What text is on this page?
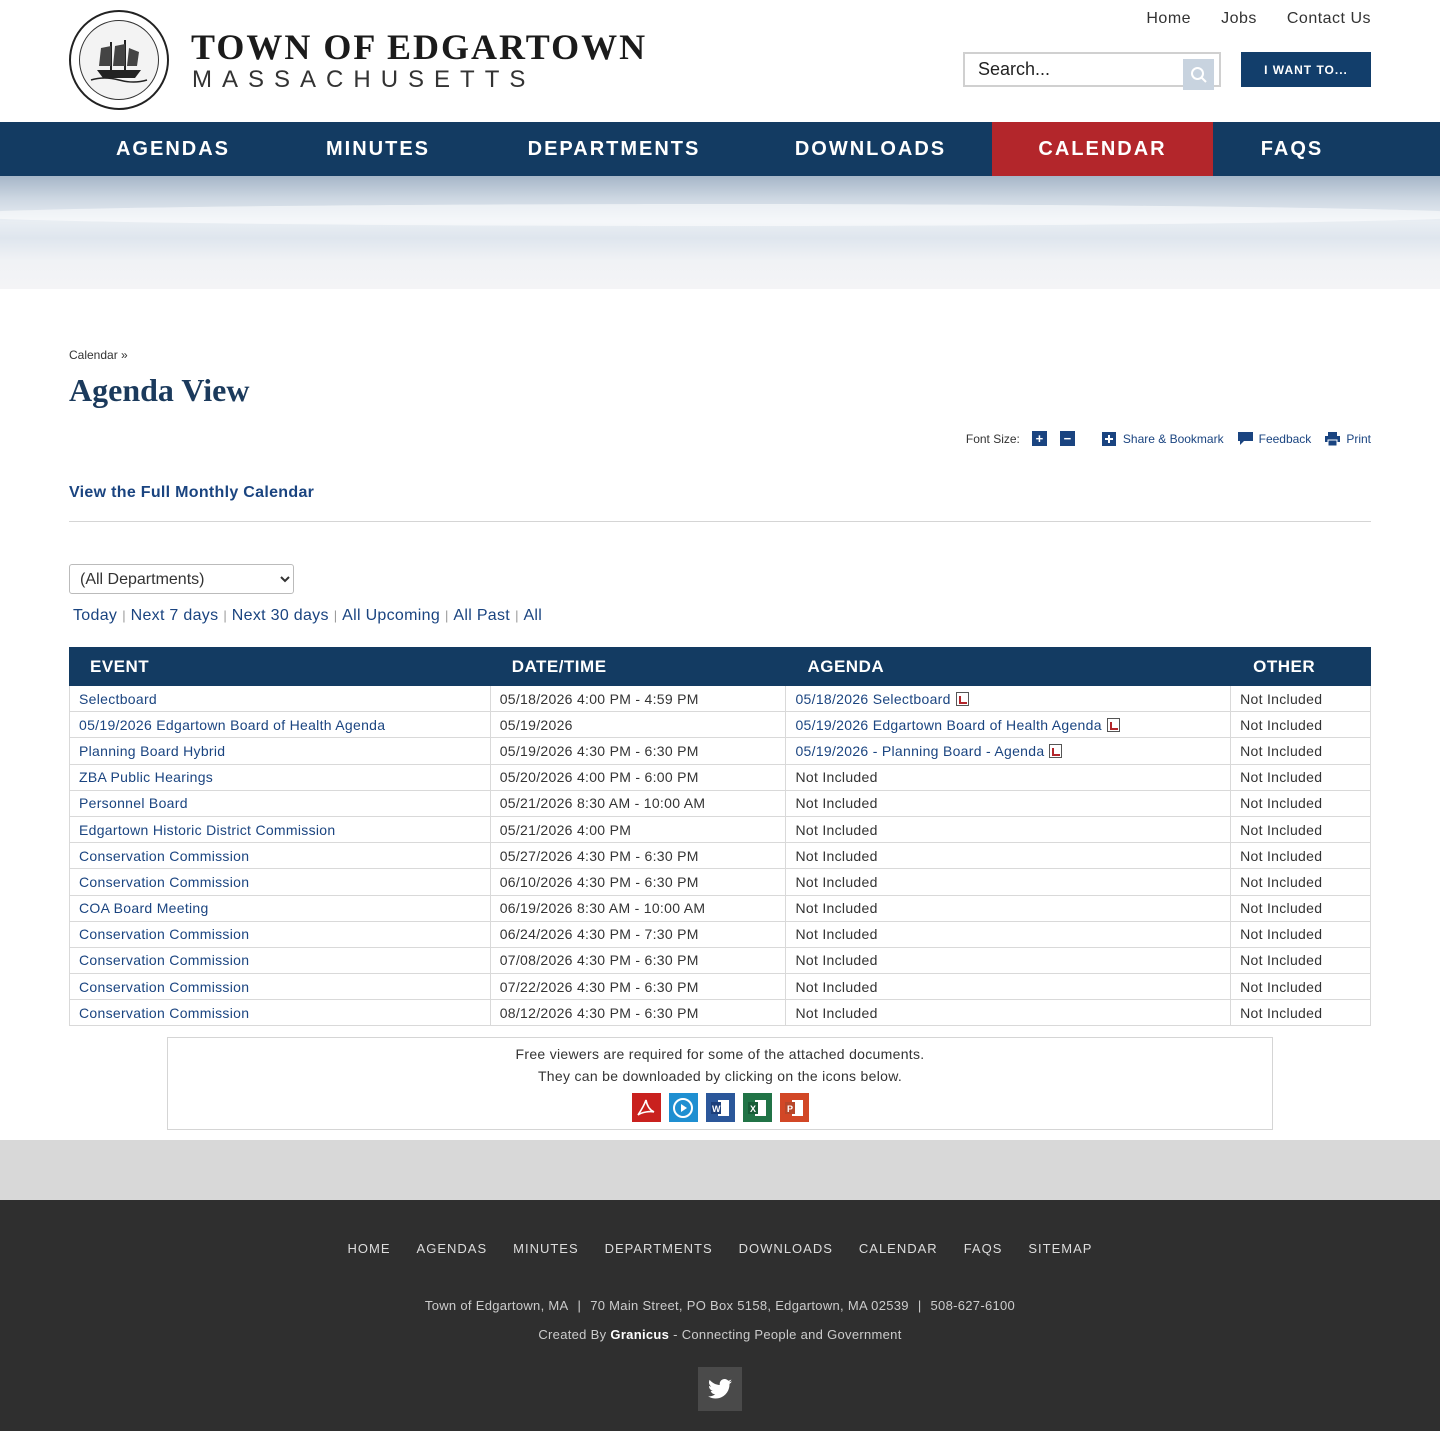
TOWN OF EDGARTOWN
MASSACHUSETTS
Home Jobs Contact Us
Search...
I WANT TO...
AGENDAS	MINUTES	DEPARTMENTS	DOWNLOADS	CALENDAR	FAQS
Calendar »
Agenda View
Font Size: + −	Share & Bookmark	Feedback	Print
View the Full Monthly Calendar
(All Departments)
Today | Next 7 days | Next 30 days | All Upcoming | All Past | All
EVENT	DATE/TIME	AGENDA	OTHER
Selectboard	05/18/2026 4:00 PM - 4:59 PM	05/18/2026 Selectboard	Not Included
05/19/2026 Edgartown Board of Health Agenda	05/19/2026	05/19/2026 Edgartown Board of Health Agenda	Not Included
Planning Board Hybrid	05/19/2026 4:30 PM - 6:30 PM	05/19/2026 - Planning Board - Agenda	Not Included
ZBA Public Hearings	05/20/2026 4:00 PM - 6:00 PM	Not Included	Not Included
Personnel Board	05/21/2026 8:30 AM - 10:00 AM	Not Included	Not Included
Edgartown Historic District Commission	05/21/2026 4:00 PM	Not Included	Not Included
Conservation Commission	05/27/2026 4:30 PM - 6:30 PM	Not Included	Not Included
Conservation Commission	06/10/2026 4:30 PM - 6:30 PM	Not Included	Not Included
COA Board Meeting	06/19/2026 8:30 AM - 10:00 AM	Not Included	Not Included
Conservation Commission	06/24/2026 4:30 PM - 7:30 PM	Not Included	Not Included
Conservation Commission	07/08/2026 4:30 PM - 6:30 PM	Not Included	Not Included
Conservation Commission	07/22/2026 4:30 PM - 6:30 PM	Not Included	Not Included
Conservation Commission	08/12/2026 4:30 PM - 6:30 PM	Not Included	Not Included

Free viewers are required for some of the attached documents.

They can be downloaded by clicking on the icons below.

W	X	P
HOME AGENDAS MINUTES DEPARTMENTS DOWNLOADS CALENDAR FAQS SITEMAP
Town of Edgartown, MA | 70 Main Street, PO Box 5158, Edgartown, MA 02539 | 508-627-6100
Created By Granicus - Connecting People and Government
